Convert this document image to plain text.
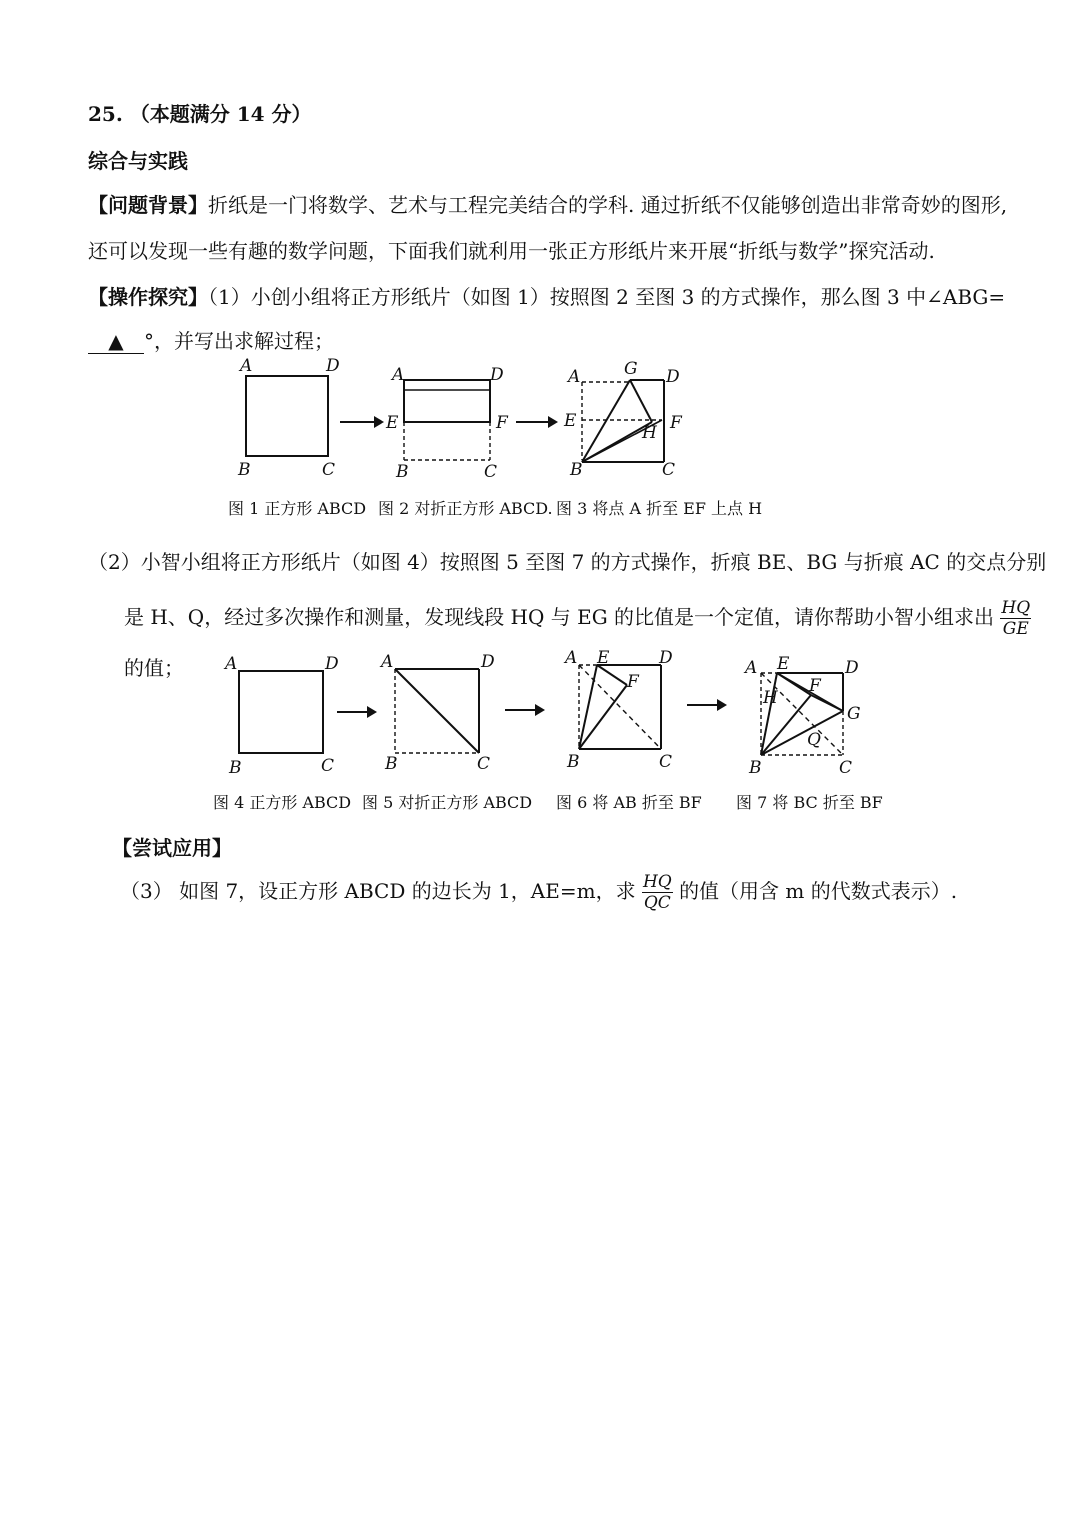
25. （本题满分 14 分）
综合与实践
【问题背景】折纸是一门将数学、艺术与工程完美结合的学科. 通过折纸不仅能够创造出非常奇妙的图形,
还可以发现一些有趣的数学问题，下面我们就利用一张正方形纸片来开展“折纸与数学”探究活动.
【操作探究】（1）小创小组将正方形纸片（如图 1）按照图 2 至图 3 的方式操作，那么图 3 中∠ABG=
▲ °，并写出求解过程；
A	D
B	C
A	D
E	F
B	C
A	G D
E	F
H
B	C
图 1 正方形 ABCD 图 2 对折正方形 ABCD. 图 3 将点 A 折至 EF 上点 H
（2）小智小组将正方形纸片（如图 4）按照图 5 至图 7 的方式操作，折痕 BE、BG 与折痕 AC 的交点分别
是 H、Q，经过多次操作和测量，发现线段 HQ 与 EG 的比值是一个定值，请你帮助小智小组求出 $\frac{HQ}{GE}$
的值； A	D
B	C
A	D
B	C
A E	D
F
B	C
A E	D
H
F
G
Q
B	C
图 4 正方形 ABCD 图 5 对折正方形 ABCD 图 6 将 AB 折至 BF 图 7 将 BC 折至 BF
【尝试应用】
（3） 如图 7，设正方形 ABCD 的边长为 1，AE=m，求 $\frac{HQ}{QC}$ 的值（用含 m 的代数式表示）.
